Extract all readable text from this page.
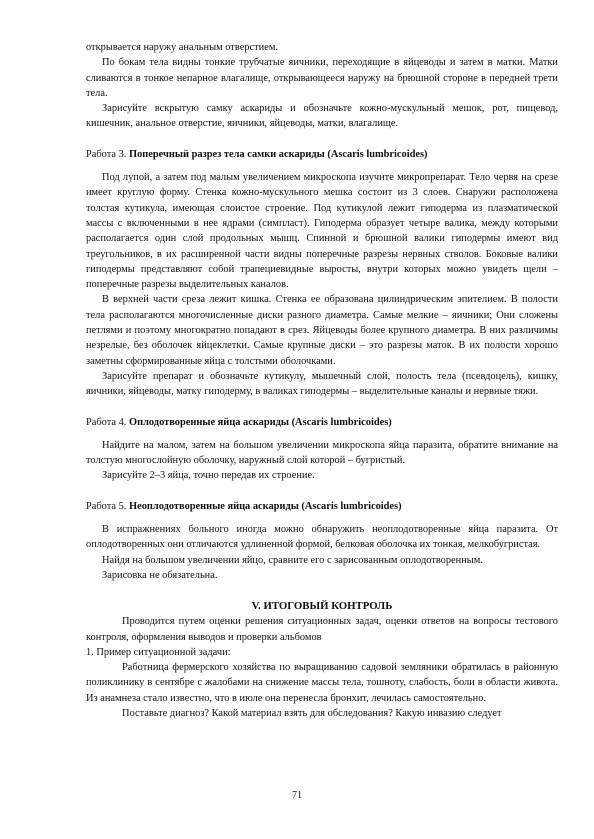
открывается наружу анальным отверстием.

По бокам тела видны тонкие трубчатые яичники, переходящие в яйцеводы и затем в матки. Матки сливаются в тонкое непарное влагалище, открывающееся наружу на брюшной стороне в передней трети тела.

Зарисуйте вскрытую самку аскариды и обозначьте кожно-мускульный мешок, рот, пищевод, кишечник, анальное отверстие, яичники, яйцеводы, матки, влагалище.

Работа 3. Поперечный разрез тела самки аскариды (Ascaris lumbricoides)

Под лупой, а затем под малым увеличением микроскопа изучите микропрепарат. Тело червя на срезе имеет круглую форму. Стенка кожно-мускульного мешка состоит из 3 слоев. Снаружи расположена толстая кутикула, имеющая слоистое строение. Под кутикулой лежит гиподерма из плазматической массы с включенными в нее ядрами (симпласт). Гиподерма образует четыре валика, между которыми располагается один слой продольных мышц. Спинной и брюшной валики гиподермы имеют вид треугольников, в их расширенной части видны поперечные разрезы нервных стволов. Боковые валики гиподермы представляют собой трапециевидные выросты, внутри которых можно увидеть щели – поперечные разрезы выделительных каналов.

В верхней части среза лежит кишка. Стенка ее образована цилиндрическим эпителием. В полости тела располагаются многочисленные диски разного диаметра. Самые мелкие – яичники; Они сложены петлями и поэтому многократно попадают в срез. Яйцеводы более крупного диаметра. В них различимы незрелые, без оболочек яйцеклетки. Самые крупные диски – это разрезы маток. В их полости хорошо заметны сформированные яйца с толстыми оболочками.

Зарисуйте препарат и обозначьте кутикулу, мышечный слой, полость тела (псевдоцель), кишку, яичники, яйцеводы, матку гиподерму, в валиках гиподермы – выделительные каналы и нервные тяжи.

Работа 4. Оплодотворенные яйца аскариды (Ascaris lumbricoides)

Найдите на малом, затем на большом увеличении микроскопа яйца паразита, обратите внимание на толстую многослойную оболочку, наружный слой которой – бугристый.

Зарисуйте 2–3 яйца, точно передав их строение.

Работа 5. Неоплодотворенные яйца аскариды (Ascaris lumbricoides)

В испражнениях больного иногда можно обнаружить неоплодотворенные яйца паразита. От оплодотворенных они отличаются удлиненной формой, белковая оболочка их тонкая, мелкобугристая.

Найдя на большом увеличении яйцо, сравните его с зарисованным оплодотворенным.

Зарисовка не обязательна.

V. ИТОГОВЫЙ КОНТРОЛЬ

Проводится путем оценки решения ситуационных задач, оценки ответов на вопросы тестового контроля, оформления выводов и проверки альбомов

1. Пример ситуационной задачи:

Работница фермерского хозяйства по выращиванию садовой земляники обратилась в районную поликлинику в сентябре с жалобами на снижение массы тела, тошноту, слабость, боли в области живота. Из анамнеза стало известно, что в июле она перенесла бронхит, лечилась самостоятельно.

Поставьте диагноз? Какой материал взять для обследования? Какую инвазию следует

71
